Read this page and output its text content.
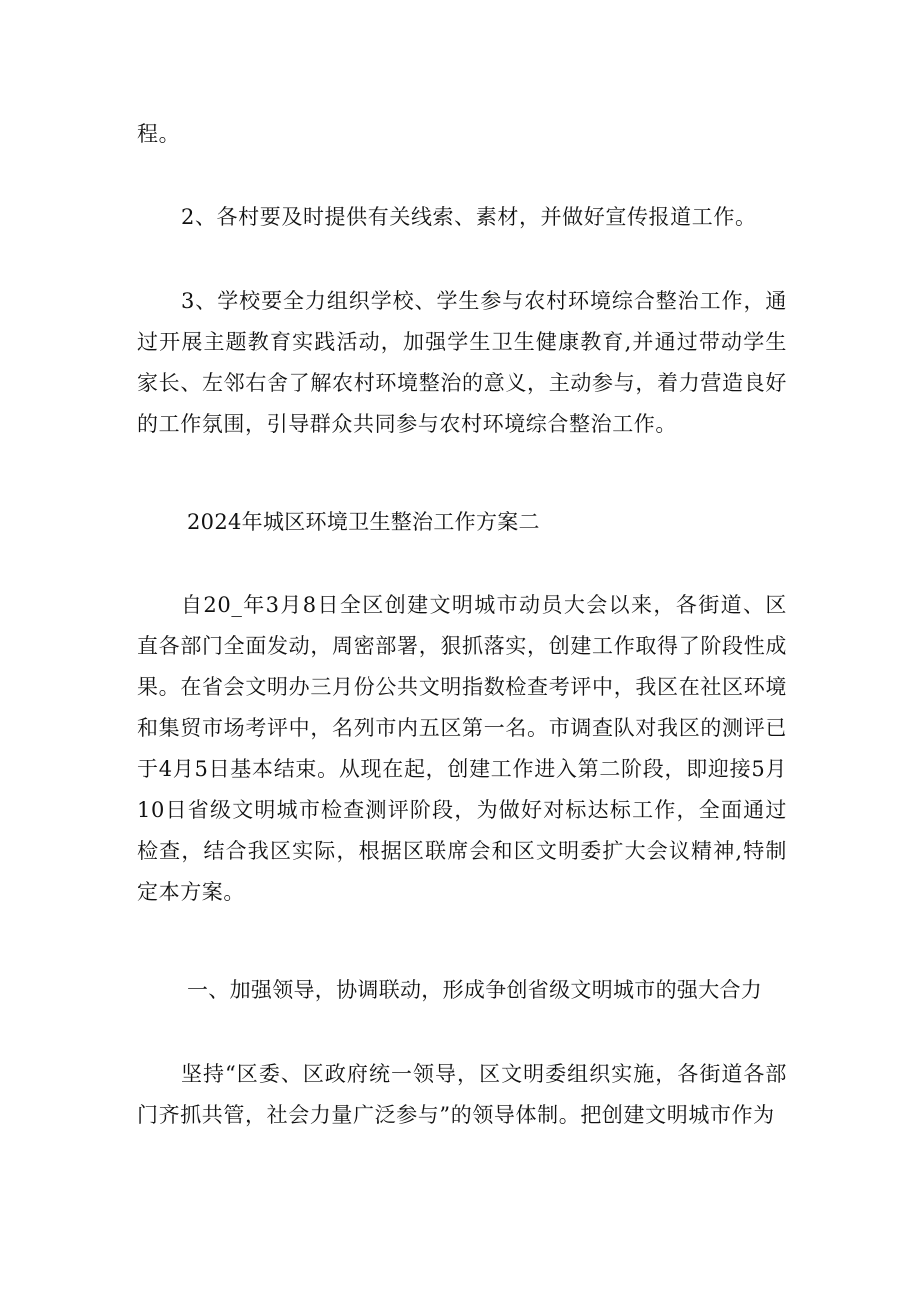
程。

2、各村要及时提供有关线索、素材，并做好宣传报道工作。

3、学校要全力组织学校、学生参与农村环境综合整治工作，通过开展主题教育实践活动，加强学生卫生健康教育,并通过带动学生家长、左邻右舍了解农村环境整治的意义，主动参与，着力营造良好的工作氛围，引导群众共同参与农村环境综合整治工作。

2024年城区环境卫生整治工作方案二

自20_年3月8日全区创建文明城市动员大会以来，各街道、区直各部门全面发动，周密部署，狠抓落实，创建工作取得了阶段性成果。在省会文明办三月份公共文明指数检查考评中，我区在社区环境和集贸市场考评中，名列市内五区第一名。市调查队对我区的测评已于4月5日基本结束。从现在起，创建工作进入第二阶段，即迎接5月10日省级文明城市检查测评阶段，为做好对标达标工作，全面通过检查，结合我区实际，根据区联席会和区文明委扩大会议精神,特制定本方案。

一、加强领导，协调联动，形成争创省级文明城市的强大合力

坚持“区委、区政府统一领导，区文明委组织实施，各街道各部门齐抓共管，社会力量广泛参与”的领导体制。把创建文明城市作为
